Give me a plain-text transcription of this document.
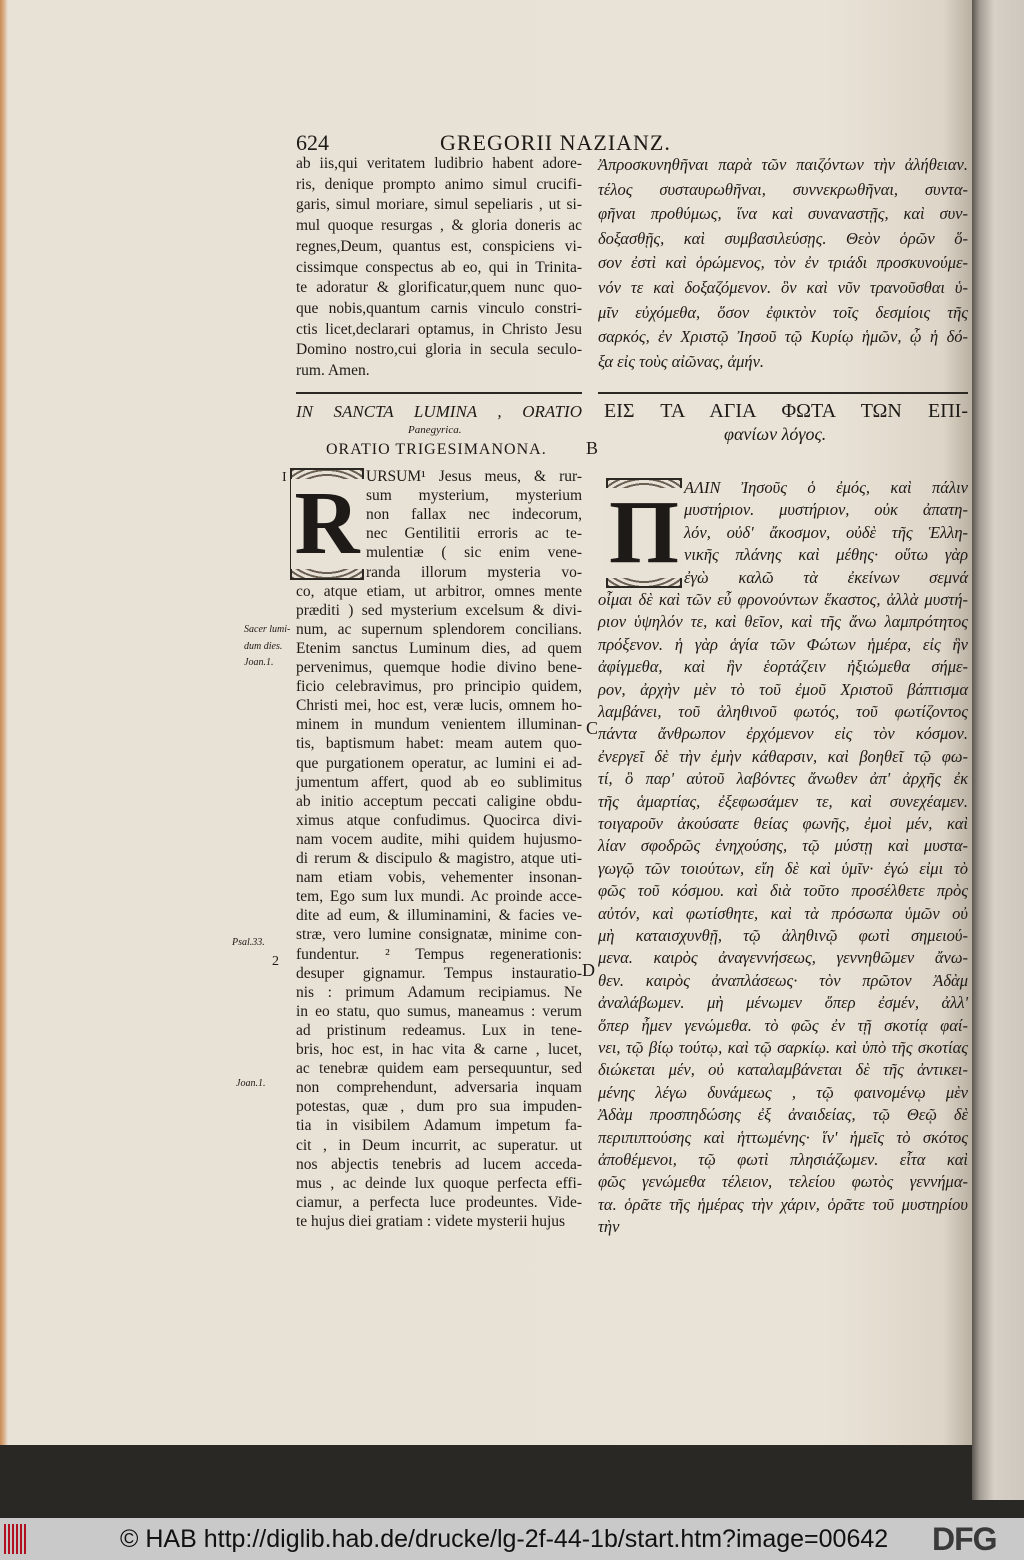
624	GREGORII NAZIANZ.
ab iis,qui veritatem ludibrio habent adore-
ris, denique prompto animo simul crucifi-
garis, simul moriare, simul sepeliaris , ut si-
mul quoque resurgas , & gloria doneris ac
regnes,Deum, quantus est, conspiciens vi-
cissimque conspectus ab eo, qui in Trinita-
te adoratur & glorificatur,quem nunc quo-
que nobis,quantum carnis vinculo constri-
ctis licet,declarari optamus, in Christo Jesu
Domino nostro,cui gloria in secula seculo-
rum. Amen.
Ἀπροσκυνηθῆναι παρὰ τῶν παιζόντων τὴν ἀλήθειαν.
τέλος συσταυρωθῆναι, συννεκρωθῆναι, συντα-
φῆναι προθύμως, ἵνα καὶ συναναστῇς, καὶ συν-
δοξασθῇς, καὶ συμβασιλεύσῃς. Θεὸν ὁρῶν ὅ-
σον ἐστὶ καὶ ὁρώμενος, τὸν ἐν τριάδι προσκυνούμε-
νόν τε καὶ δοξαζόμενον. ὃν καὶ νῦν τρανοῦσθαι ὑ-
μῖν εὐχόμεθα, ὅσον ἐφικτὸν τοῖς δεσμίοις τῆς
σαρκός, ἐν Χριστῷ Ἰησοῦ τῷ Κυρίῳ ἡμῶν, ᾧ ἡ δό-
ξα εἰς τοὺς αἰῶνας, ἀμήν.
URSUM¹ Jesus meus, & rur-
sum mysterium, mysterium
non fallax nec indecorum,
nec Gentilitii erroris ac te-
mulentiæ ( sic enim vene-
randa illorum mysteria vo-
co, atque etiam, ut arbitror, omnes mente
præditi ) sed mysterium excelsum & divi-
num, ac supernum splendorem concilians.
Etenim sanctus Luminum dies, ad quem
pervenimus, quemque hodie divino bene-
ficio celebravimus, pro principio quidem,
Christi mei, hoc est, veræ lucis, omnem ho-
minem in mundum venientem illuminan-
tis, baptismum habet: meam autem quo-
que purgationem operatur, ac lumini ei ad-
jumentum affert, quod ab eo sublimitus
ab initio acceptum peccati caligine obdu-
ximus atque confudimus. Quocirca divi-
nam vocem audite, mihi quidem hujusmo-
di rerum & discipulo & magistro, atque uti-
nam etiam vobis, vehementer insonan-
tem, Ego sum lux mundi. Ac proinde acce-
dite ad eum, & illuminamini, & facies ve-
stræ, vero lumine consignatæ, minime con-
fundentur. ² Tempus regenerationis:
desuper gignamur. Tempus instauratio-
nis : primum Adamum recipiamus. Ne
in eo statu, quo sumus, maneamus : verum
ad pristinum redeamus. Lux in tene-
bris, hoc est, in hac vita & carne , lucet,
ac tenebræ quidem eam persequuntur, sed
non comprehendunt, adversaria inquam
potestas, quæ , dum pro sua impuden-
tia in visibilem Adamum impetum fa-
cit , in Deum incurrit, ac superatur. ut
nos abjectis tenebris ad lucem acceda-
mus , ac deinde lux quoque perfecta effi-
ciamur, a perfecta luce prodeuntes. Vide-
te hujus diei gratiam : videte mysterii hujus
ΑΛΙΝ Ἰησοῦς ὁ ἐμός, καὶ πάλιν
μυστήριον. μυστήριον, οὐκ ἀπατη-
λόν, οὐδ' ἄκοσμον, οὐδὲ τῆς Ἑλλη-
νικῆς πλάνης καὶ μέθης· οὕτω γὰρ
ἐγὼ καλῶ τὰ ἐκείνων σεμνά
οἶμαι δὲ καὶ τῶν εὖ φρονούντων ἕκαστος, ἀλλὰ μυστή-
ριον ὑψηλόν τε, καὶ θεῖον, καὶ τῆς ἄνω λαμπρότητος
πρόξενον. ἡ γὰρ ἁγία τῶν Φώτων ἡμέρα, εἰς ἣν
ἀφίγμεθα, καὶ ἣν ἑορτάζειν ἠξιώμεθα σήμε-
ρον, ἀρχὴν μὲν τὸ τοῦ ἐμοῦ Χριστοῦ βάπτισμα
λαμβάνει, τοῦ ἀληθινοῦ φωτός, τοῦ φωτίζοντος
πάντα ἄνθρωπον ἐρχόμενον εἰς τὸν κόσμον.
ἐνεργεῖ δὲ τὴν ἐμὴν κάθαρσιν, καὶ βοηθεῖ τῷ φω-
τί, ὃ παρ' αὐτοῦ λαβόντες ἄνωθεν ἀπ' ἀρχῆς ἐκ
τῆς ἁμαρτίας, ἐξεφωσάμεν τε, καὶ συνεχέαμεν.
τοιγαροῦν ἀκούσατε θείας φωνῆς, ἐμοὶ μέν, καὶ
λίαν σφοδρῶς ἐνηχούσης, τῷ μύστῃ καὶ μυστα-
γωγῷ τῶν τοιούτων, εἴη δὲ καὶ ὑμῖν· ἐγώ εἰμι τὸ
φῶς τοῦ κόσμου. καὶ διὰ τοῦτο προσέλθετε πρὸς
αὐτόν, καὶ φωτίσθητε, καὶ τὰ πρόσωπα ὑμῶν οὐ
μὴ καταισχυνθῇ, τῷ ἀληθινῷ φωτὶ σημειού-
μενα. καιρὸς ἀναγεννήσεως, γεννηθῶμεν ἄνω-
θεν. καιρὸς ἀναπλάσεως· τὸν πρῶτον Ἀδὰμ
ἀναλάβωμεν. μὴ μένωμεν ὅπερ ἐσμέν, ἀλλ'
ὅπερ ἦμεν γενώμεθα. τὸ φῶς ἐν τῇ σκοτίᾳ φαί-
νει, τῷ βίῳ τούτῳ, καὶ τῷ σαρκίῳ. καὶ ὑπὸ τῆς σκοτίας
διώκεται μέν, οὐ καταλαμβάνεται δὲ τῆς ἀντικει-
μένης λέγω δυνάμεως , τῷ φαινομένῳ μὲν
Ἀδὰμ προσπηδώσης ἐξ ἀναιδείας, τῷ Θεῷ δὲ
περιπιπτούσης καὶ ἡττωμένης· ἵν' ἡμεῖς τὸ σκότος
ἀποθέμενοι, τῷ φωτὶ πλησιάζωμεν. εἶτα καὶ
φῶς γενώμεθα τέλειον, τελείου φωτὸς γεννήμα-
τα. ὁρᾶτε τῆς ἡμέρας τὴν χάριν, ὁρᾶτε τοῦ μυστηρίου
τὴν
IN SANCTA LUMINA , ORATIO
Panegyrica.
ORATIO TRIGESIMANONA.
ΕΙΣ ΤΑ ΑΓΙΑ ΦΩΤΑ ΤΩΝ ΕΠΙ-
φανίων λόγος.
R	Π
I
Sacer lumi-
dum dies.
Joan.1.
Psal.33.
2
Joan.1.
B
C
D
© HAB http://diglib.hab.de/drucke/lg-2f-44-1b/start.htm?image=00642 DFG
